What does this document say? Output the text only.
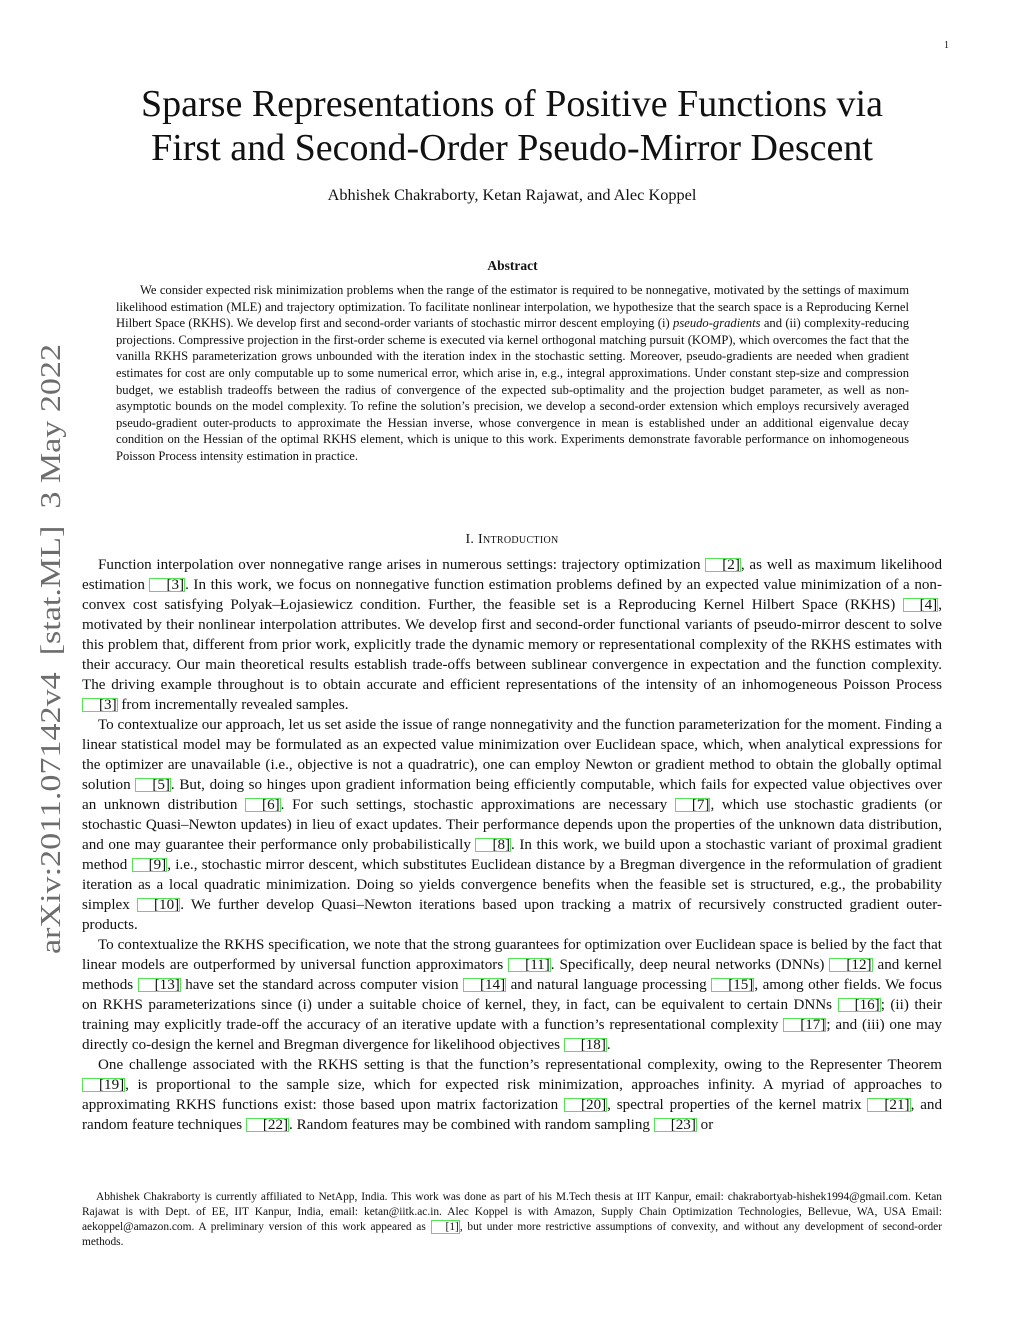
1
arXiv:2011.07142v4  [stat.ML]  3 May 2022
Sparse Representations of Positive Functions via
First and Second-Order Pseudo-Mirror Descent
Abhishek Chakraborty, Ketan Rajawat, and Alec Koppel
Abstract

We consider expected risk minimization problems when the range of the estimator is required to be nonnegative, motivated by the settings of maximum likelihood estimation (MLE) and trajectory optimization. To facilitate nonlinear interpolation, we hypothesize that the search space is a Reproducing Kernel Hilbert Space (RKHS). We develop first and second-order variants of stochastic mirror descent employing (i) pseudo-gradients and (ii) complexity-reducing projections. Compressive projection in the first-order scheme is executed via kernel orthogonal matching pursuit (KOMP), which overcomes the fact that the vanilla RKHS parameterization grows unbounded with the iteration index in the stochastic setting. Moreover, pseudo-gradients are needed when gradient estimates for cost are only computable up to some numerical error, which arise in, e.g., integral approximations. Under constant step-size and compression budget, we establish tradeoffs between the radius of convergence of the expected sub-optimality and the projection budget parameter, as well as non-asymptotic bounds on the model complexity. To refine the solution’s precision, we develop a second-order extension which employs recursively averaged pseudo-gradient outer-products to approximate the Hessian inverse, whose convergence in mean is established under an additional eigenvalue decay condition on the Hessian of the optimal RKHS element, which is unique to this work. Experiments demonstrate favorable performance on inhomogeneous Poisson Process intensity estimation in practice.

I. Introduction

Function interpolation over nonnegative range arises in numerous settings: trajectory optimization [2], as well as maximum likelihood estimation [3]. In this work, we focus on nonnegative function estimation problems defined by an expected value minimization of a non-convex cost satisfying Polyak–Łojasiewicz condition. Further, the feasible set is a Reproducing Kernel Hilbert Space (RKHS) [4], motivated by their nonlinear interpolation attributes. We develop first and second-order functional variants of pseudo-mirror descent to solve this problem that, different from prior work, explicitly trade the dynamic memory or representational complexity of the RKHS estimates with their accuracy. Our main theoretical results establish trade-offs between sublinear convergence in expectation and the function complexity. The driving example throughout is to obtain accurate and efficient representations of the intensity of an inhomogeneous Poisson Process [3] from incrementally revealed samples.

To contextualize our approach, let us set aside the issue of range nonnegativity and the function parameterization for the moment. Finding a linear statistical model may be formulated as an expected value minimization over Euclidean space, which, when analytical expressions for the optimizer are unavailable (i.e., objective is not a quadratric), one can employ Newton or gradient method to obtain the globally optimal solution [5]. But, doing so hinges upon gradient information being efficiently computable, which fails for expected value objectives over an unknown distribution [6]. For such settings, stochastic approximations are necessary [7], which use stochastic gradients (or stochastic Quasi–Newton updates) in lieu of exact updates. Their performance depends upon the properties of the unknown data distribution, and one may guarantee their performance only probabilistically [8]. In this work, we build upon a stochastic variant of proximal gradient method [9], i.e., stochastic mirror descent, which substitutes Euclidean distance by a Bregman divergence in the reformulation of gradient iteration as a local quadratic minimization. Doing so yields convergence benefits when the feasible set is structured, e.g., the probability simplex [10]. We further develop Quasi–Newton iterations based upon tracking a matrix of recursively constructed gradient outer-products.

To contextualize the RKHS specification, we note that the strong guarantees for optimization over Euclidean space is belied by the fact that linear models are outperformed by universal function approximators [11]. Specifically, deep neural networks (DNNs) [12] and kernel methods [13] have set the standard across computer vision [14] and natural language processing [15], among other fields. We focus on RKHS parameterizations since (i) under a suitable choice of kernel, they, in fact, can be equivalent to certain DNNs [16]; (ii) their training may explicitly trade-off the accuracy of an iterative update with a function’s representational complexity [17]; and (iii) one may directly co-design the kernel and Bregman divergence for likelihood objectives [18].

One challenge associated with the RKHS setting is that the function’s representational complexity, owing to the Representer Theorem [19], is proportional to the sample size, which for expected risk minimization, approaches infinity. A myriad of approaches to approximating RKHS functions exist: those based upon matrix factorization [20], spectral properties of the kernel matrix [21], and random feature techniques [22]. Random features may be combined with random sampling [23] or

Abhishek Chakraborty is currently affiliated to NetApp, India. This work was done as part of his M.Tech thesis at IIT Kanpur, email: chakrabortyab-hishek1994@gmail.com. Ketan Rajawat is with Dept. of EE, IIT Kanpur, India, email: ketan@iitk.ac.in. Alec Koppel is with Amazon, Supply Chain Optimization Technologies, Bellevue, WA, USA Email: aekoppel@amazon.com. A preliminary version of this work appeared as [1], but under more restrictive assumptions of convexity, and without any development of second-order methods.
